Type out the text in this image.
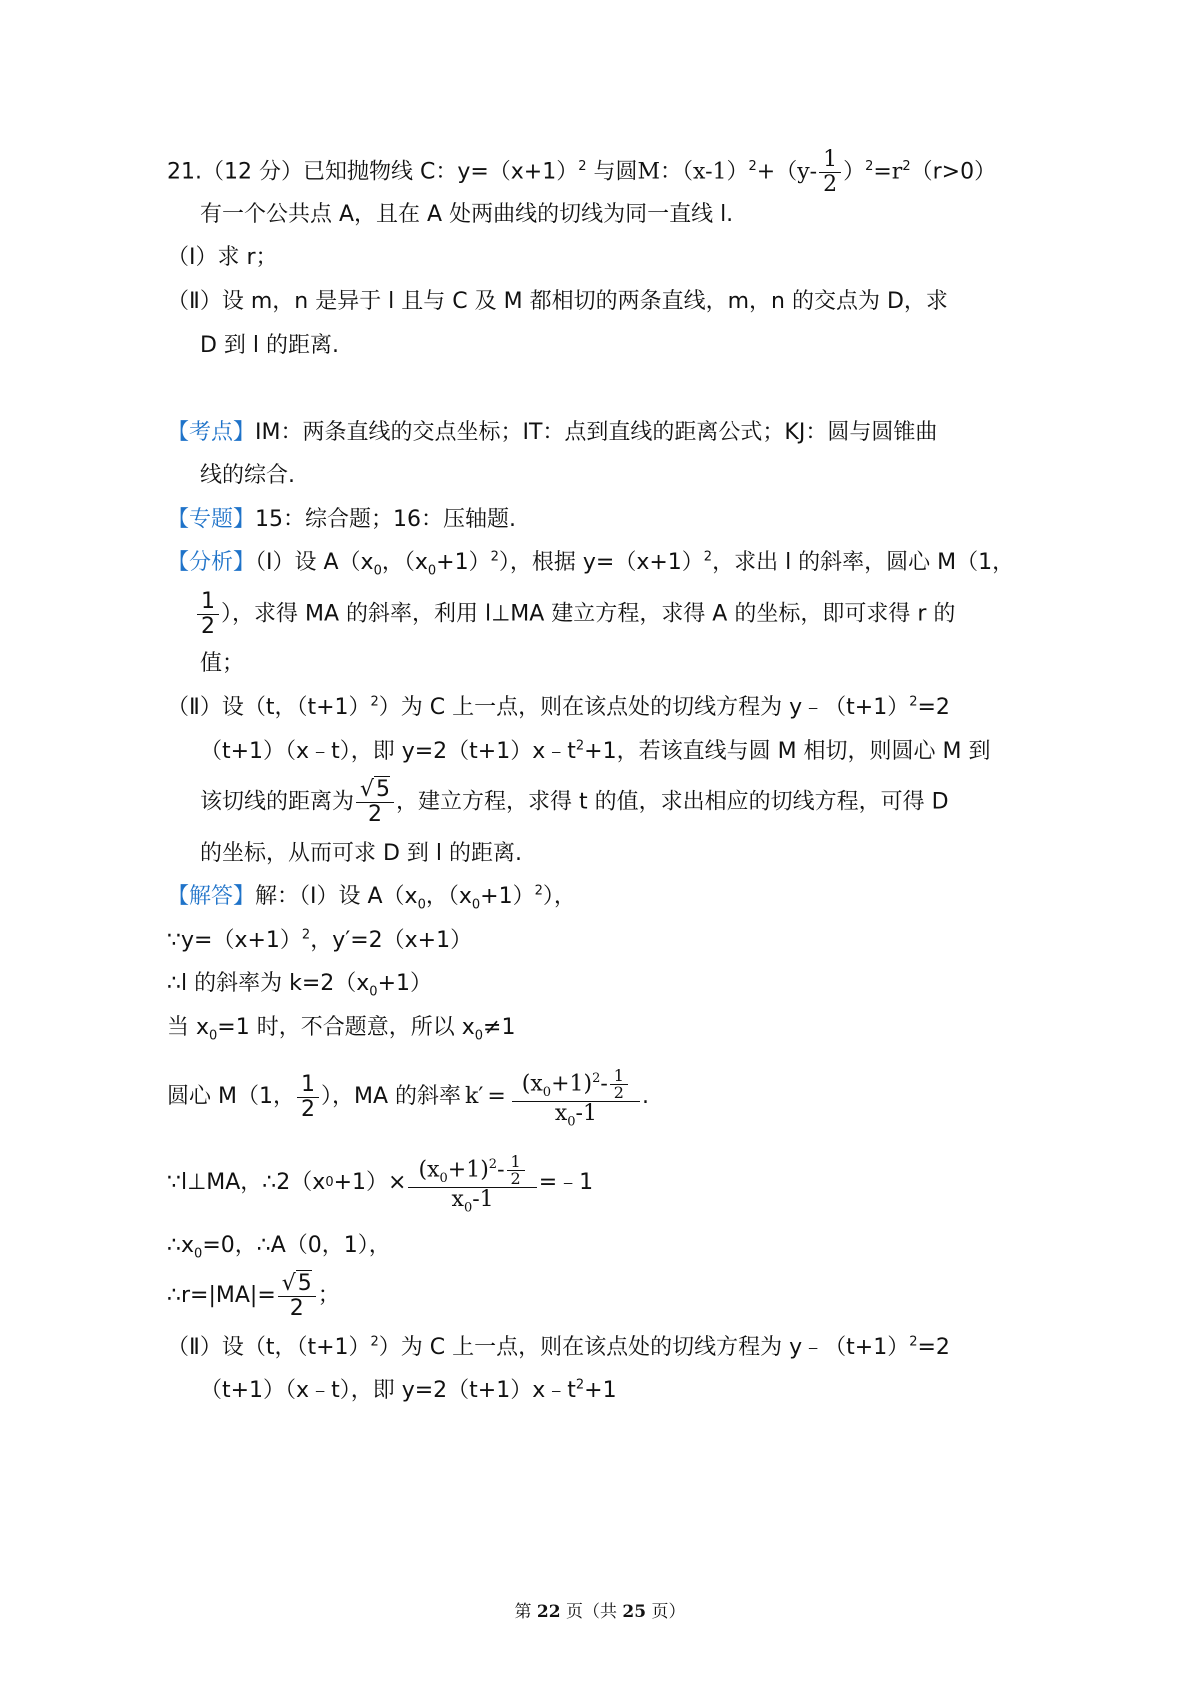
21.（12 分）已知抛物线 C：$y=(x+1)^2$ 与圆M：$(x-1)^2+(y- \frac{1}{2} )^2=r^2(r>0)$
有一个公共点 A，且在 A 处两曲线的切线为同一直线 l.
（Ⅰ）求 r；
（Ⅱ）设 m，n 是异于 l 且与 C 及 M 都相切的两条直线，m，n 的交点为 D，求
D 到 l 的距离.
【考点】IM：两条直线的交点坐标；IT：点到直线的距离公式；KJ：圆与圆锥曲
线的综合.
【专题】15：综合题；16：压轴题.
【分析】（Ⅰ）设 $A(x_0$，$(x_0+1)^2$），根据 $y=(x+1)^2$，求出 l 的斜率，圆心 M（1，
$\frac{1}{2}$ ），求得 MA 的斜率，利用 l⊥MA 建立方程，求得 A 的坐标，即可求得 r 的
值；
（Ⅱ）设（t，$(t+1)^2$）为 C 上一点，则在该点处的切线方程为 $y﹣(t+1)^2=2$
（t+1）（x﹣t），即 $y=2(t+1)x﹣t^2+1$，若该直线与圆 M 相切，则圆心 M 到
该切线的距离为 $\frac{√5}{2}$ ，建立方程，求得 t 的值，求出相应的切线方程，可得 D
的坐标，从而可求 D 到 l 的距离.
【解答】解：（Ⅰ）设 $A(x_0$，$(x_0+1)^2$），
$\because y=(x+1)^2$，y′=2（x+1）
∴l 的斜率为 $k=2(x_0+1)$
当 $x_0=1$ 时，不合题意，所以 $x_0\ne 1$
圆心 M（1， $\frac{1}{2}$ ），MA 的斜率 $k' = \frac{(x_0+1)^2- \frac{1}{2}}{x_0-1}$ .
∵l⊥MA，∴2（x $0 +1)\times \frac{(x_0+1)^2- \frac{1}{2}}{x_0-1}$ =﹣1
$\therefore x_0=0$，∴A（0，1），
∴r=|MA|= $\frac{√5}{2}$ ；
（Ⅱ）设（t，$(t+1)^2$）为 C 上一点，则在该点处的切线方程为 $y﹣(t+1)^2=2$
（t+1）（x﹣t），即 $y=2(t+1)x﹣t^2+1$
第 22 页（共 25 页）
